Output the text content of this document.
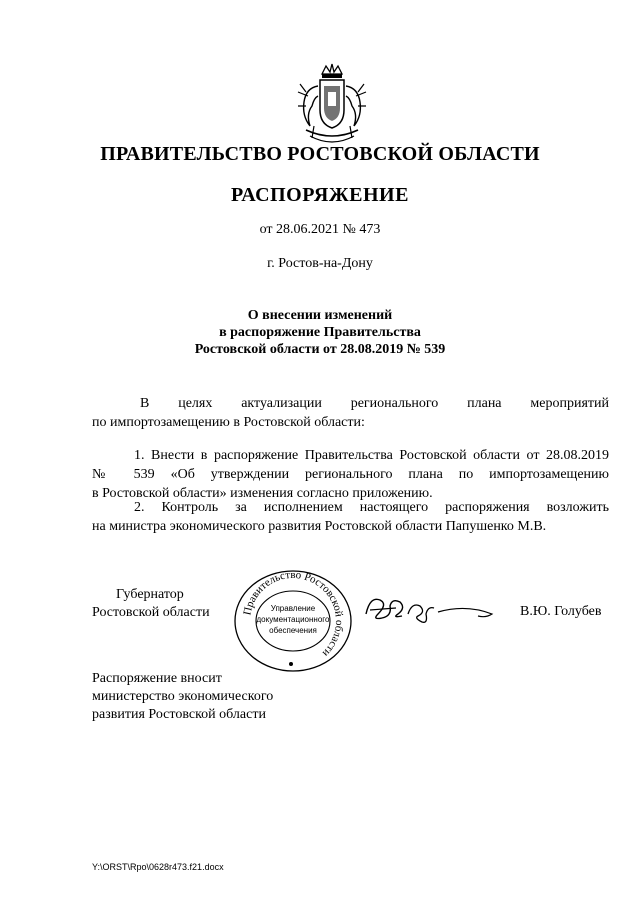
ПРАВИТЕЛЬСТВО РОСТОВСКОЙ ОБЛАСТИ
РАСПОРЯЖЕНИЕ
от 28.06.2021 № 473
г. Ростов-на-Дону
О внесении изменений
в распоряжение Правительства
Ростовской области от 28.08.2019 № 539
В целях актуализации регионального плана мероприятий
по импортозамещению в Ростовской области:
1. Внести в распоряжение Правительства Ростовской области от 28.08.2019
№ 539 «Об утверждении регионального плана по импортозамещению
в Ростовской области» изменения согласно приложению.
2. Контроль за исполнением настоящего распоряжения возложить
на министра экономического развития Ростовской области Папушенко М.В.
Губернатор
Ростовской области	Правительство Ростовской области
Управление
документационного
обеспечения
В.Ю. Голубев
Распоряжение вносит
министерство экономического
развития Ростовской области
Y:\ORST\Rpo\0628r473.f21.docx
